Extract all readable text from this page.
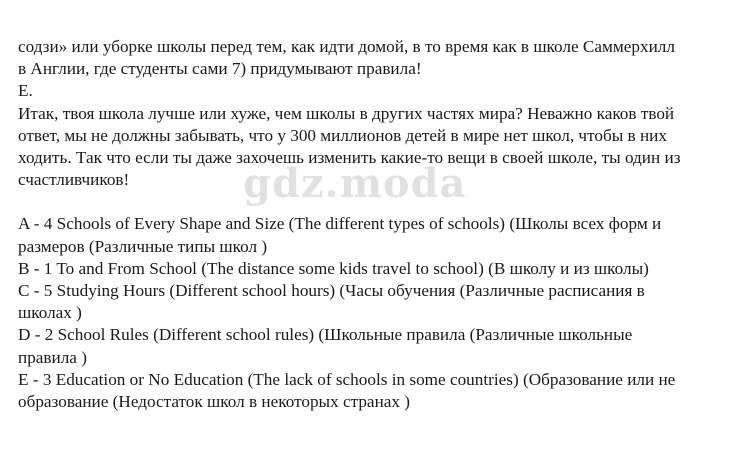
содзи» или уборке школы перед тем, как идти домой, в то время как в школе Саммерхилл

в Англии, где студенты сами 7) придумывают правила!

E.

Итак, твоя школа лучше или хуже, чем школы в других частях мира? Неважно каков твой

ответ, мы не должны забывать, что у 300 миллионов детей в мире нет школ, чтобы в них

ходить. Так что если ты даже захочешь изменить какие-то вещи в своей школе, ты один из

счастливчиков!

A - 4 Schools of Every Shape and Size (The different types of schools) (Школы всех форм и

размеров (Различные типы школ )

B - 1 To and From School (The distance some kids travel to school) (В школу и из школы)

C - 5 Studying Hours (Different school hours) (Часы обучения (Различные расписания в

школах )

D - 2 School Rules (Different school rules) (Школьные правила (Различные школьные

правила )

E - 3 Education or No Education (The lack of schools in some countries) (Образование или не

образование (Недостаток школ в некоторых странах )

gdz.moda
